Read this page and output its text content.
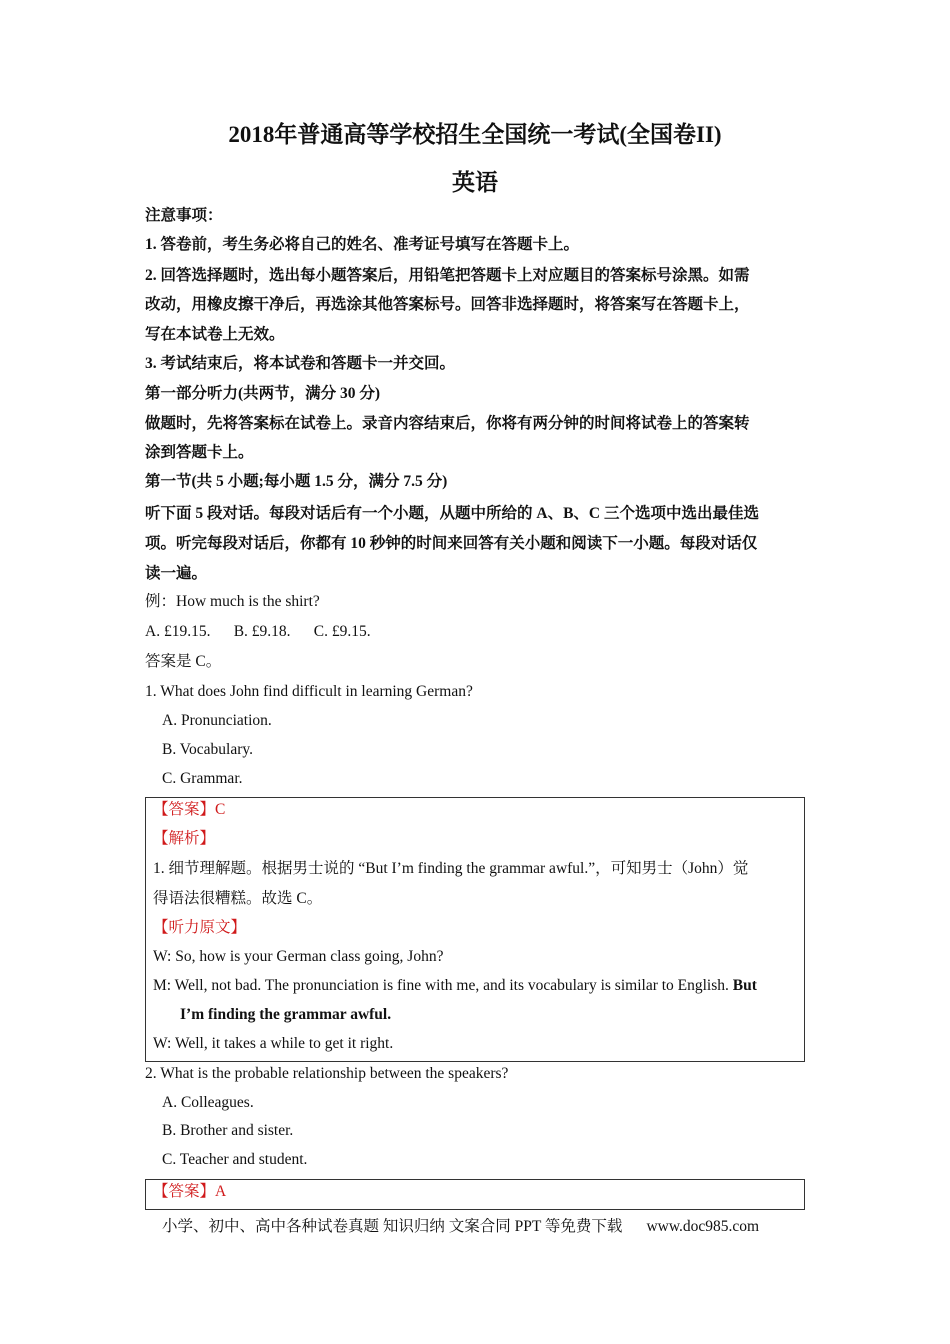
2018年普通高等学校招生全国统一考试(全国卷II)
英语
注意事项：
1. 答卷前，考生务必将自己的姓名、准考证号填写在答题卡上。
2. 回答选择题时，选出每小题答案后，用铅笔把答题卡上对应题目的答案标号涂黑。如需
改动，用橡皮擦干净后，再选涂其他答案标号。回答非选择题时，将答案写在答题卡上，
写在本试卷上无效。
3. 考试结束后，将本试卷和答题卡一并交回。
第一部分听力(共两节，满分 30 分)
做题时，先将答案标在试卷上。录音内容结束后，你将有两分钟的时间将试卷上的答案转
涂到答题卡上。
第一节(共 5 小题;每小题 1.5 分，满分 7.5 分)
听下面 5 段对话。每段对话后有一个小题，从题中所给的 A、B、C 三个选项中选出最佳选
项。听完每段对话后，你都有 10 秒钟的时间来回答有关小题和阅读下一小题。每段对话仅
读一遍。
例：How much is the shirt?
A. £19.15.      B. £9.18.      C. £9.15.
答案是 C。
1. What does John find difficult in learning German?
A. Pronunciation.
B. Vocabulary.
C. Grammar.
【答案】C
【解析】
1. 细节理解题。根据男士说的 “But I’m finding the grammar awful.”，可知男士（John）觉
得语法很糟糕。故选 C。
【听力原文】
W: So, how is your German class going, John?
M: Well, not bad. The pronunciation is fine with me, and its vocabulary is similar to English. But
I’m finding the grammar awful.
W: Well, it takes a while to get it right.
2. What is the probable relationship between the speakers?
A. Colleagues.
B. Brother and sister.
C. Teacher and student.
【答案】A
小学、初中、高中各种试卷真题 知识归纳 文案合同 PPT 等免费下载 www.doc985.com
